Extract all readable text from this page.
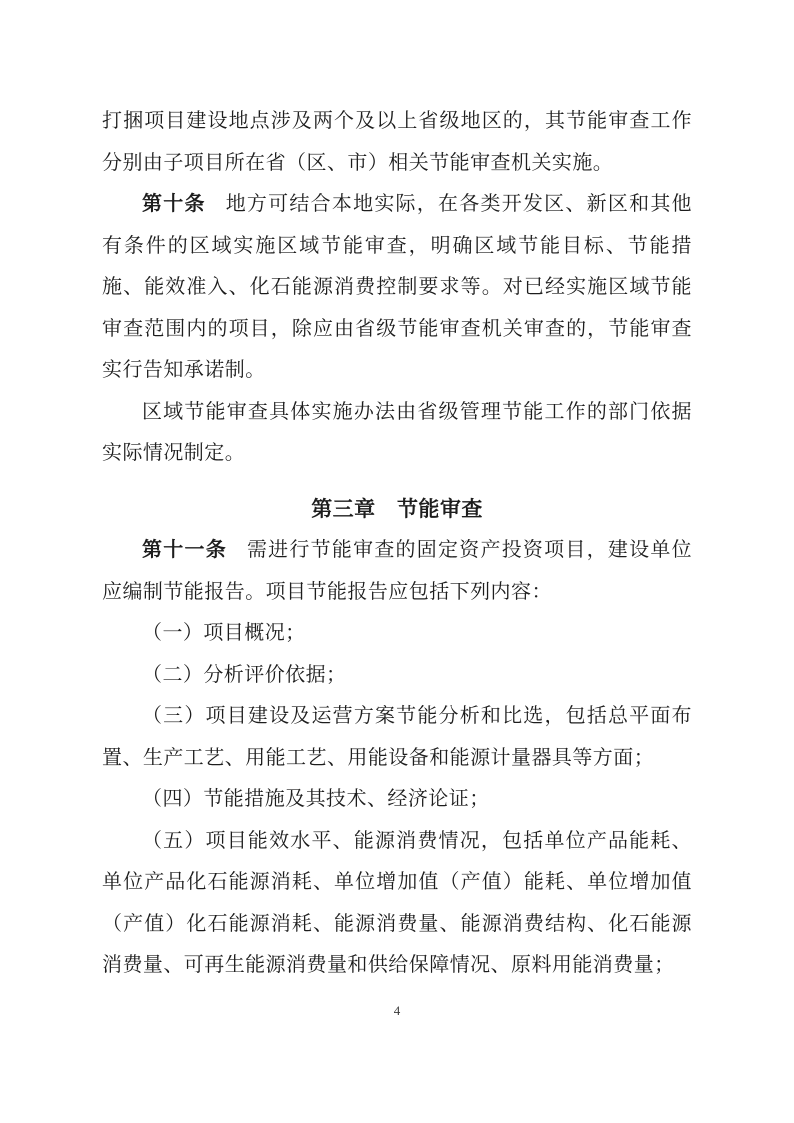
打捆项目建设地点涉及两个及以上省级地区的，其节能审查工作分别由子项目所在省（区、市）相关节能审查机关实施。

第十条 地方可结合本地实际，在各类开发区、新区和其他有条件的区域实施区域节能审查，明确区域节能目标、节能措施、能效准入、化石能源消费控制要求等。对已经实施区域节能审查范围内的项目，除应由省级节能审查机关审查的，节能审查实行告知承诺制。

区域节能审查具体实施办法由省级管理节能工作的部门依据实际情况制定。

第三章　节能审查

第十一条 需进行节能审查的固定资产投资项目，建设单位应编制节能报告。项目节能报告应包括下列内容：

（一）项目概况；

（二）分析评价依据；

（三）项目建设及运营方案节能分析和比选，包括总平面布置、生产工艺、用能工艺、用能设备和能源计量器具等方面；

（四）节能措施及其技术、经济论证；

（五）项目能效水平、能源消费情况，包括单位产品能耗、单位产品化石能源消耗、单位增加值（产值）能耗、单位增加值（产值）化石能源消耗、能源消费量、能源消费结构、化石能源消费量、可再生能源消费量和供给保障情况、原料用能消费量；

4
